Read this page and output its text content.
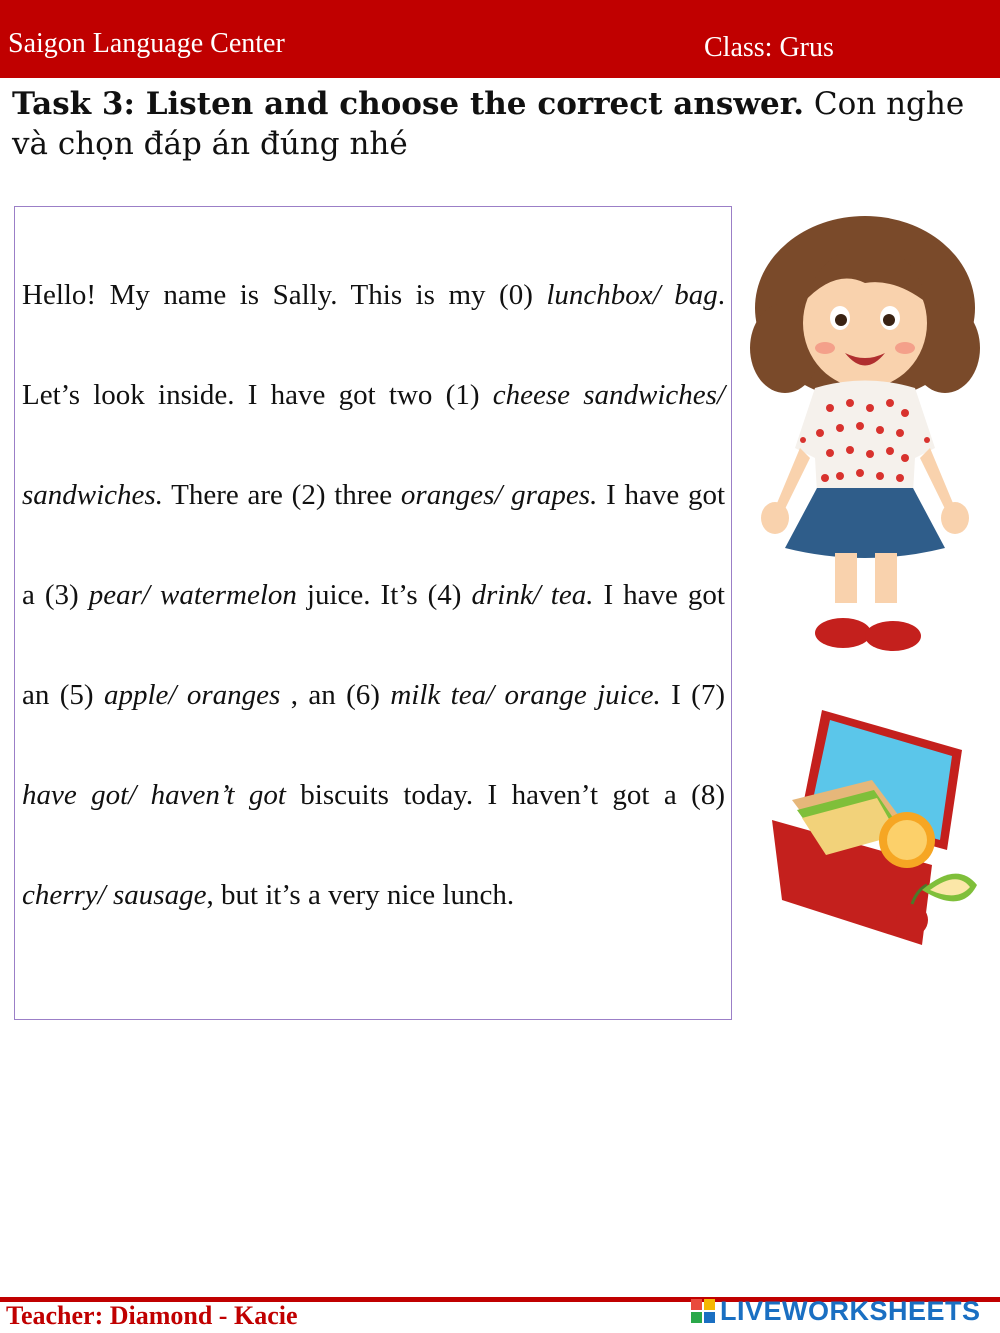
Saigon Language Center	Class: Grus
Task 3: Listen and choose the correct answer. Con nghe và chọn đáp án đúng nhé
Hello! My name is Sally. This is my (0) lunchbox/ bag. Let’s look inside. I have got two (1) cheese sandwiches/ sandwiches. There are (2) three oranges/ grapes. I have got a (3) pear/ watermelon juice. It’s (4) drink/ tea. I have got an (5) apple/ oranges , an (6) milk tea/ orange juice. I (7) have got/ haven’t got biscuits today. I haven’t got a (8) cherry/ sausage, but it’s a very nice lunch.
Teacher: Diamond - Kacie	LIVEWORKSHEETS
